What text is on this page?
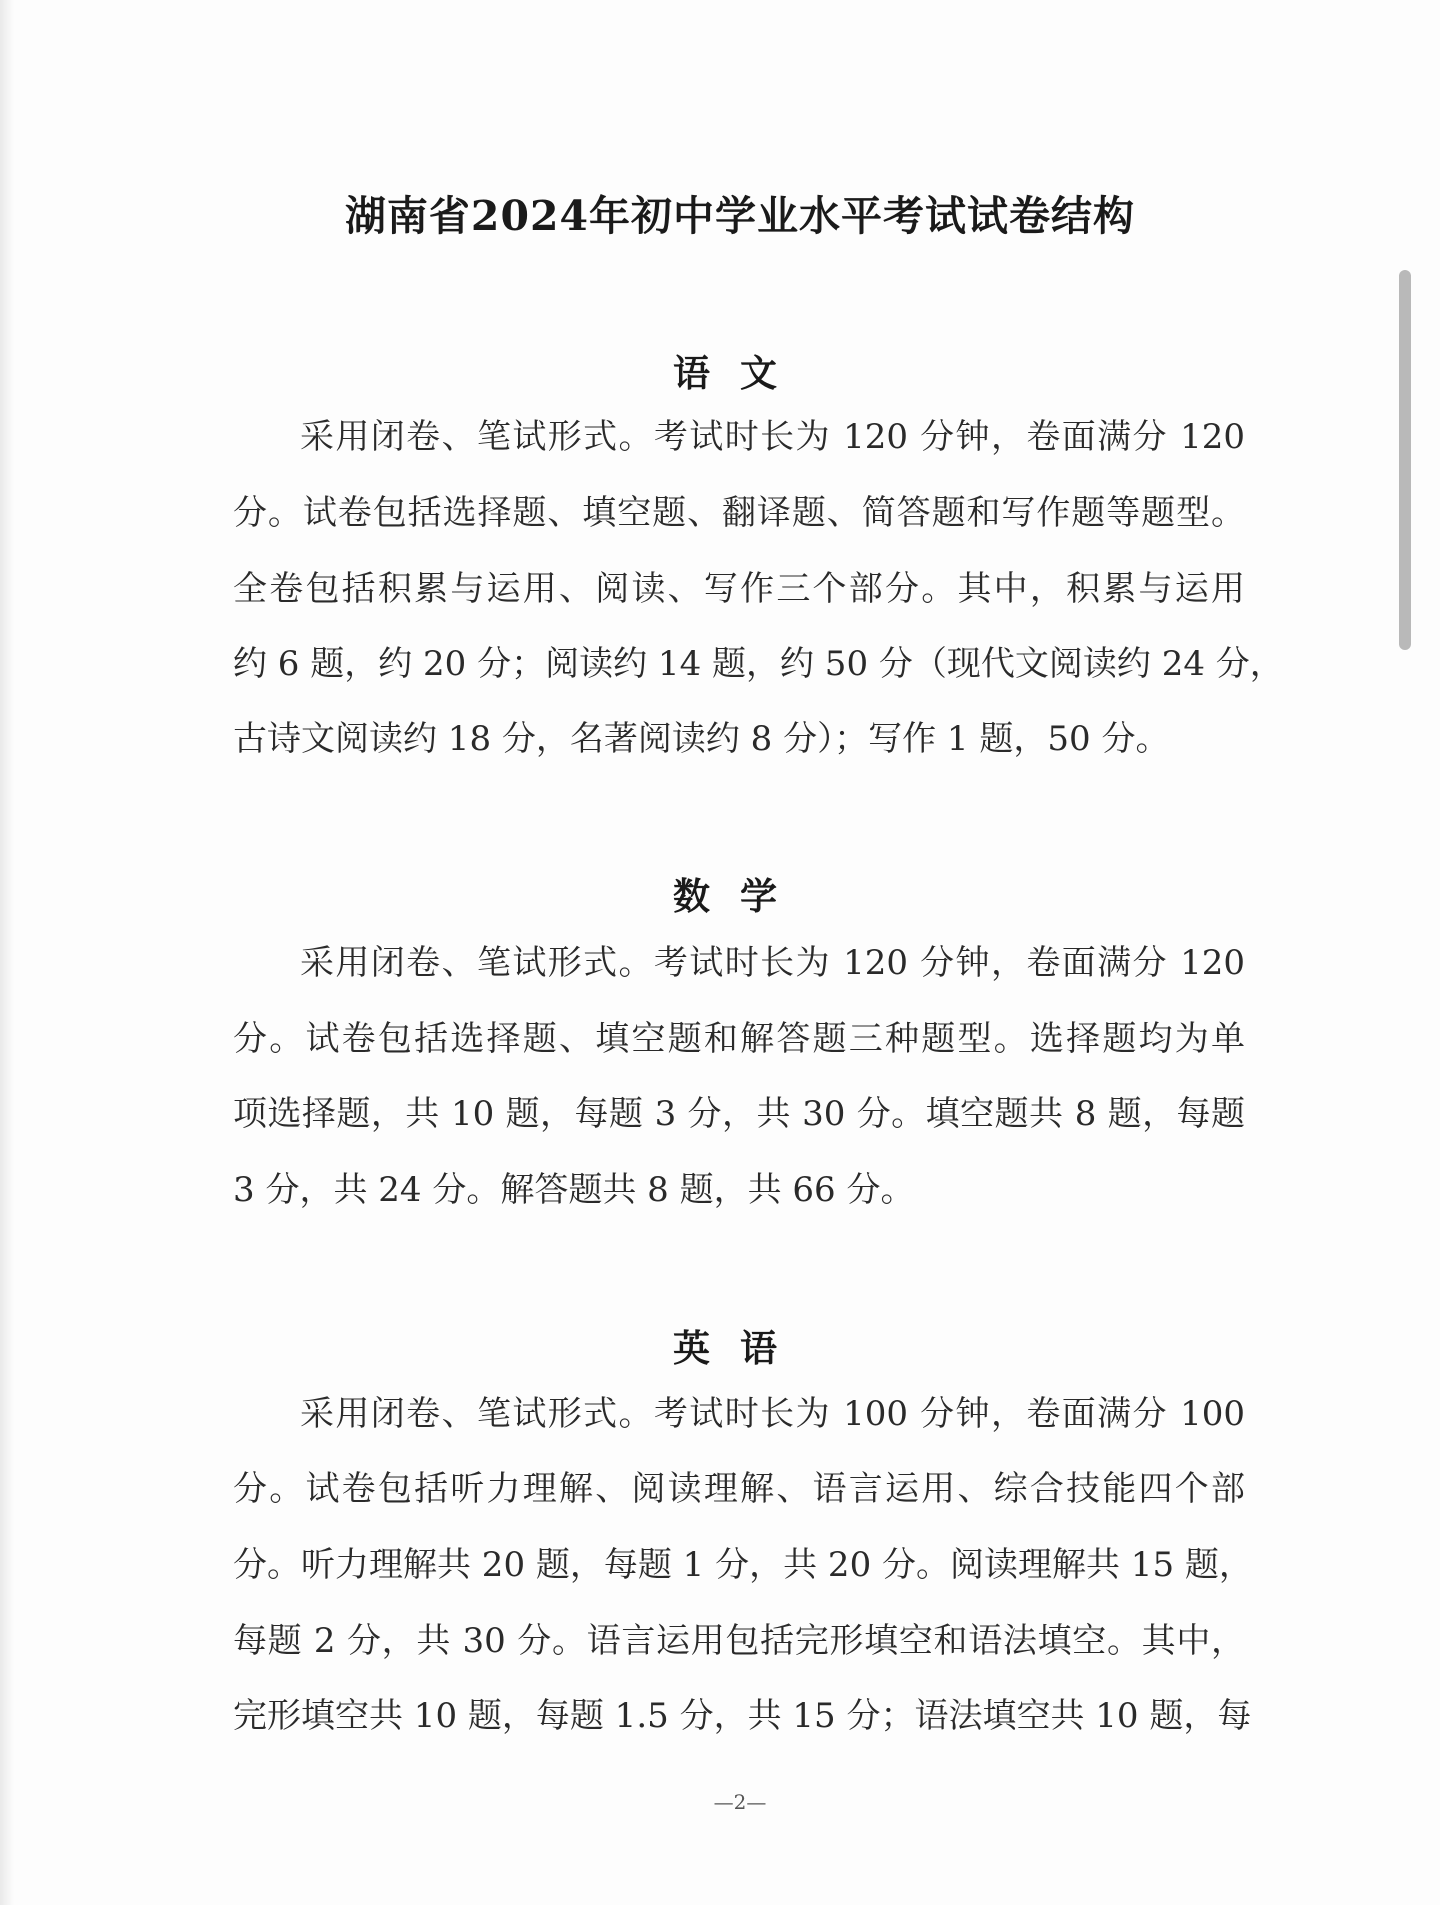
湖南省2024年初中学业水平考试试卷结构
语文
采用闭卷、笔试形式。考试时长为 120 分钟，卷面满分 120
分。试卷包括选择题、填空题、翻译题、简答题和写作题等题型。
全卷包括积累与运用、阅读、写作三个部分。其中，积累与运用
约 6 题，约 20 分；阅读约 14 题，约 50 分（现代文阅读约 24 分，
古诗文阅读约 18 分，名著阅读约 8 分）；写作 1 题，50 分。
数学
采用闭卷、笔试形式。考试时长为 120 分钟，卷面满分 120
分。试卷包括选择题、填空题和解答题三种题型。选择题均为单
项选择题，共 10 题，每题 3 分，共 30 分。填空题共 8 题，每题
3 分，共 24 分。解答题共 8 题，共 66 分。
英语
采用闭卷、笔试形式。考试时长为 100 分钟，卷面满分 100
分。试卷包括听力理解、阅读理解、语言运用、综合技能四个部
分。听力理解共 20 题，每题 1 分，共 20 分。阅读理解共 15 题，
每题 2 分，共 30 分。语言运用包括完形填空和语法填空。其中，
完形填空共 10 题，每题 1.5 分，共 15 分；语法填空共 10 题，每
—2—
